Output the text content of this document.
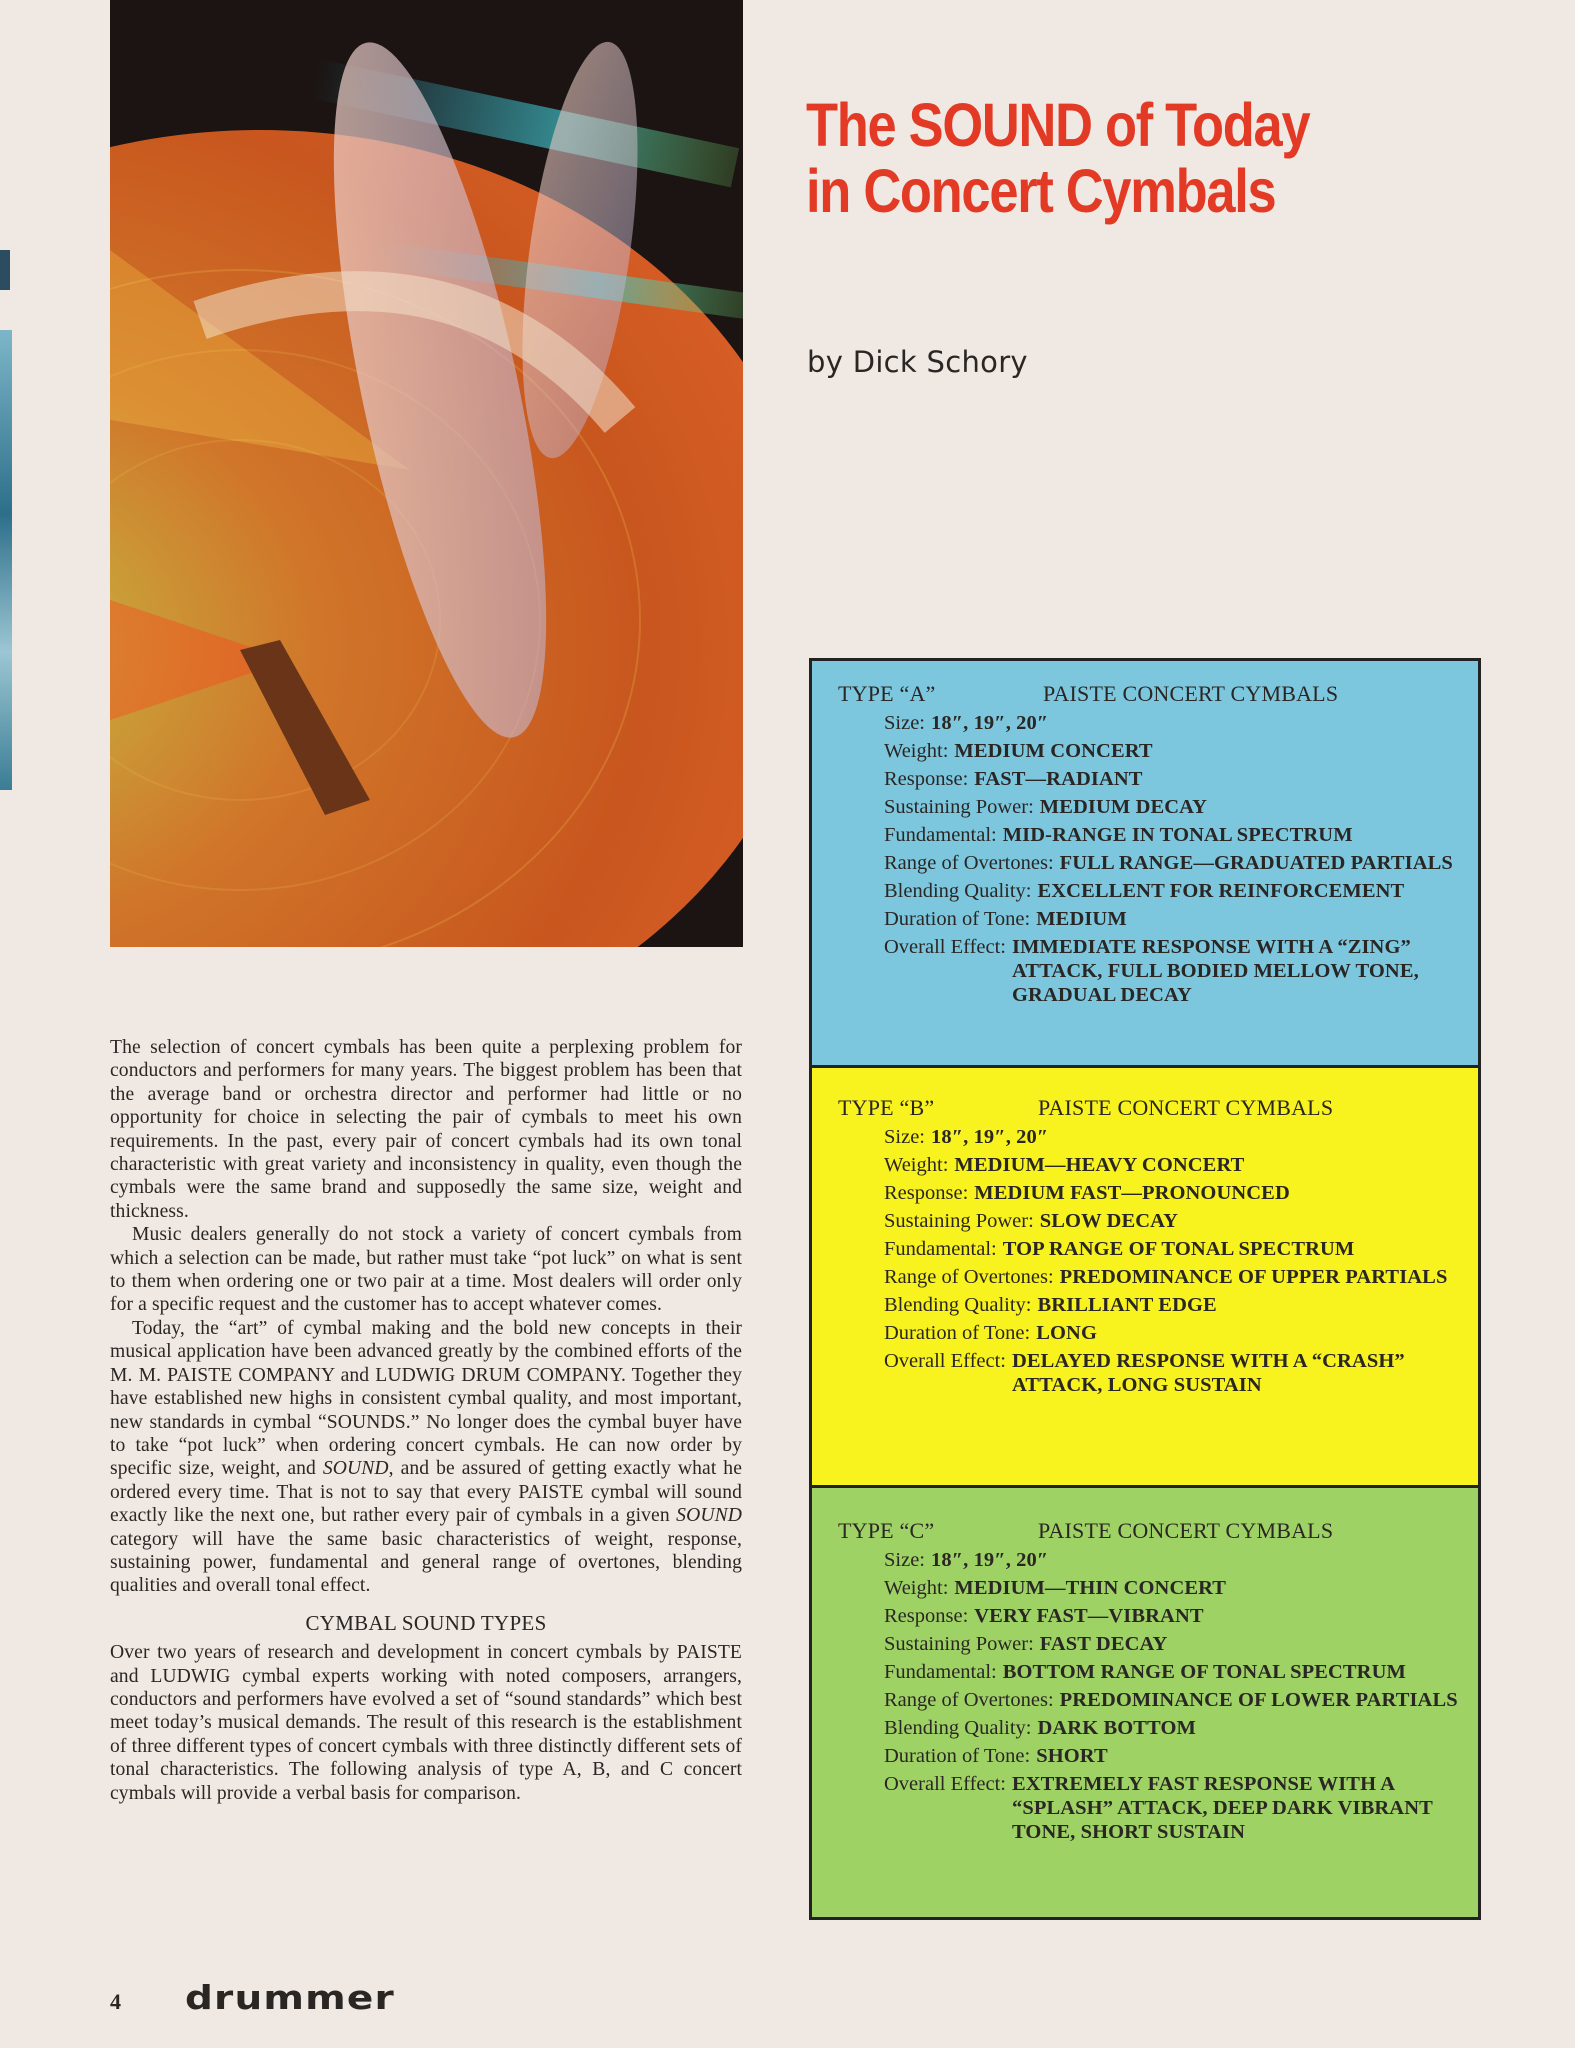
The SOUND of Today
in Concert Cymbals
by Dick Schory

The selection of concert cymbals has been quite a perplexing problem for conductors and performers for many years. The biggest problem has been that the average band or orchestra director and performer had little or no opportunity for choice in selecting the pair of cymbals to meet his own requirements. In the past, every pair of concert cymbals had its own tonal characteristic with great variety and inconsistency in quality, even though the cymbals were the same brand and supposedly the same size, weight and thickness.

Music dealers generally do not stock a variety of concert cymbals from which a selection can be made, but rather must take “pot luck” on what is sent to them when ordering one or two pair at a time. Most dealers will order only for a specific request and the customer has to accept whatever comes.

Today, the “art” of cymbal making and the bold new concepts in their musical application have been advanced greatly by the combined efforts of the M. M. PAISTE COMPANY and LUDWIG DRUM COMPANY. Together they have established new highs in consistent cymbal quality, and most important, new standards in cymbal “SOUNDS.” No longer does the cymbal buyer have to take “pot luck” when ordering concert cymbals. He can now order by specific size, weight, and SOUND, and be assured of getting exactly what he ordered every time. That is not to say that every PAISTE cymbal will sound exactly like the next one, but rather every pair of cymbals in a given SOUND category will have the same basic characteristics of weight, response, sustaining power, fundamental and general range of overtones, blending qualities and overall tonal effect.

CYMBAL SOUND TYPES

Over two years of research and development in concert cymbals by PAISTE and LUDWIG cymbal experts working with noted composers, arrangers, conductors and performers have evolved a set of “sound standards” which best meet today’s musical demands. The result of this research is the establishment of three different types of concert cymbals with three distinctly different sets of tonal characteristics. The following analysis of type A, B, and C concert cymbals will provide a verbal basis for comparison.

4 drummer
TYPE “A”	PAISTE CONCERT CYMBALS
Size: 18″, 19″, 20″
Weight: MEDIUM CONCERT
Response: FAST—RADIANT
Sustaining Power: MEDIUM DECAY
Fundamental: MID-RANGE IN TONAL SPECTRUM
Range of Overtones: FULL RANGE—GRADUATED PARTIALS
Blending Quality: EXCELLENT FOR REINFORCEMENT
Duration of Tone: MEDIUM
Overall Effect: IMMEDIATE RESPONSE WITH A “ZING” ATTACK, FULL BODIED MELLOW TONE, GRADUAL DECAY
TYPE “B”	PAISTE CONCERT CYMBALS
Size: 18″, 19″, 20″
Weight: MEDIUM—HEAVY CONCERT
Response: MEDIUM FAST—PRONOUNCED
Sustaining Power: SLOW DECAY
Fundamental: TOP RANGE OF TONAL SPECTRUM
Range of Overtones: PREDOMINANCE OF UPPER PARTIALS
Blending Quality: BRILLIANT EDGE
Duration of Tone: LONG
Overall Effect: DELAYED RESPONSE WITH A “CRASH” ATTACK, LONG SUSTAIN
TYPE “C”	PAISTE CONCERT CYMBALS
Size: 18″, 19″, 20″
Weight: MEDIUM—THIN CONCERT
Response: VERY FAST—VIBRANT
Sustaining Power: FAST DECAY
Fundamental: BOTTOM RANGE OF TONAL SPECTRUM
Range of Overtones: PREDOMINANCE OF LOWER PARTIALS
Blending Quality: DARK BOTTOM
Duration of Tone: SHORT
Overall Effect: EXTREMELY FAST RESPONSE WITH A “SPLASH” ATTACK, DEEP DARK VIBRANT TONE, SHORT SUSTAIN
